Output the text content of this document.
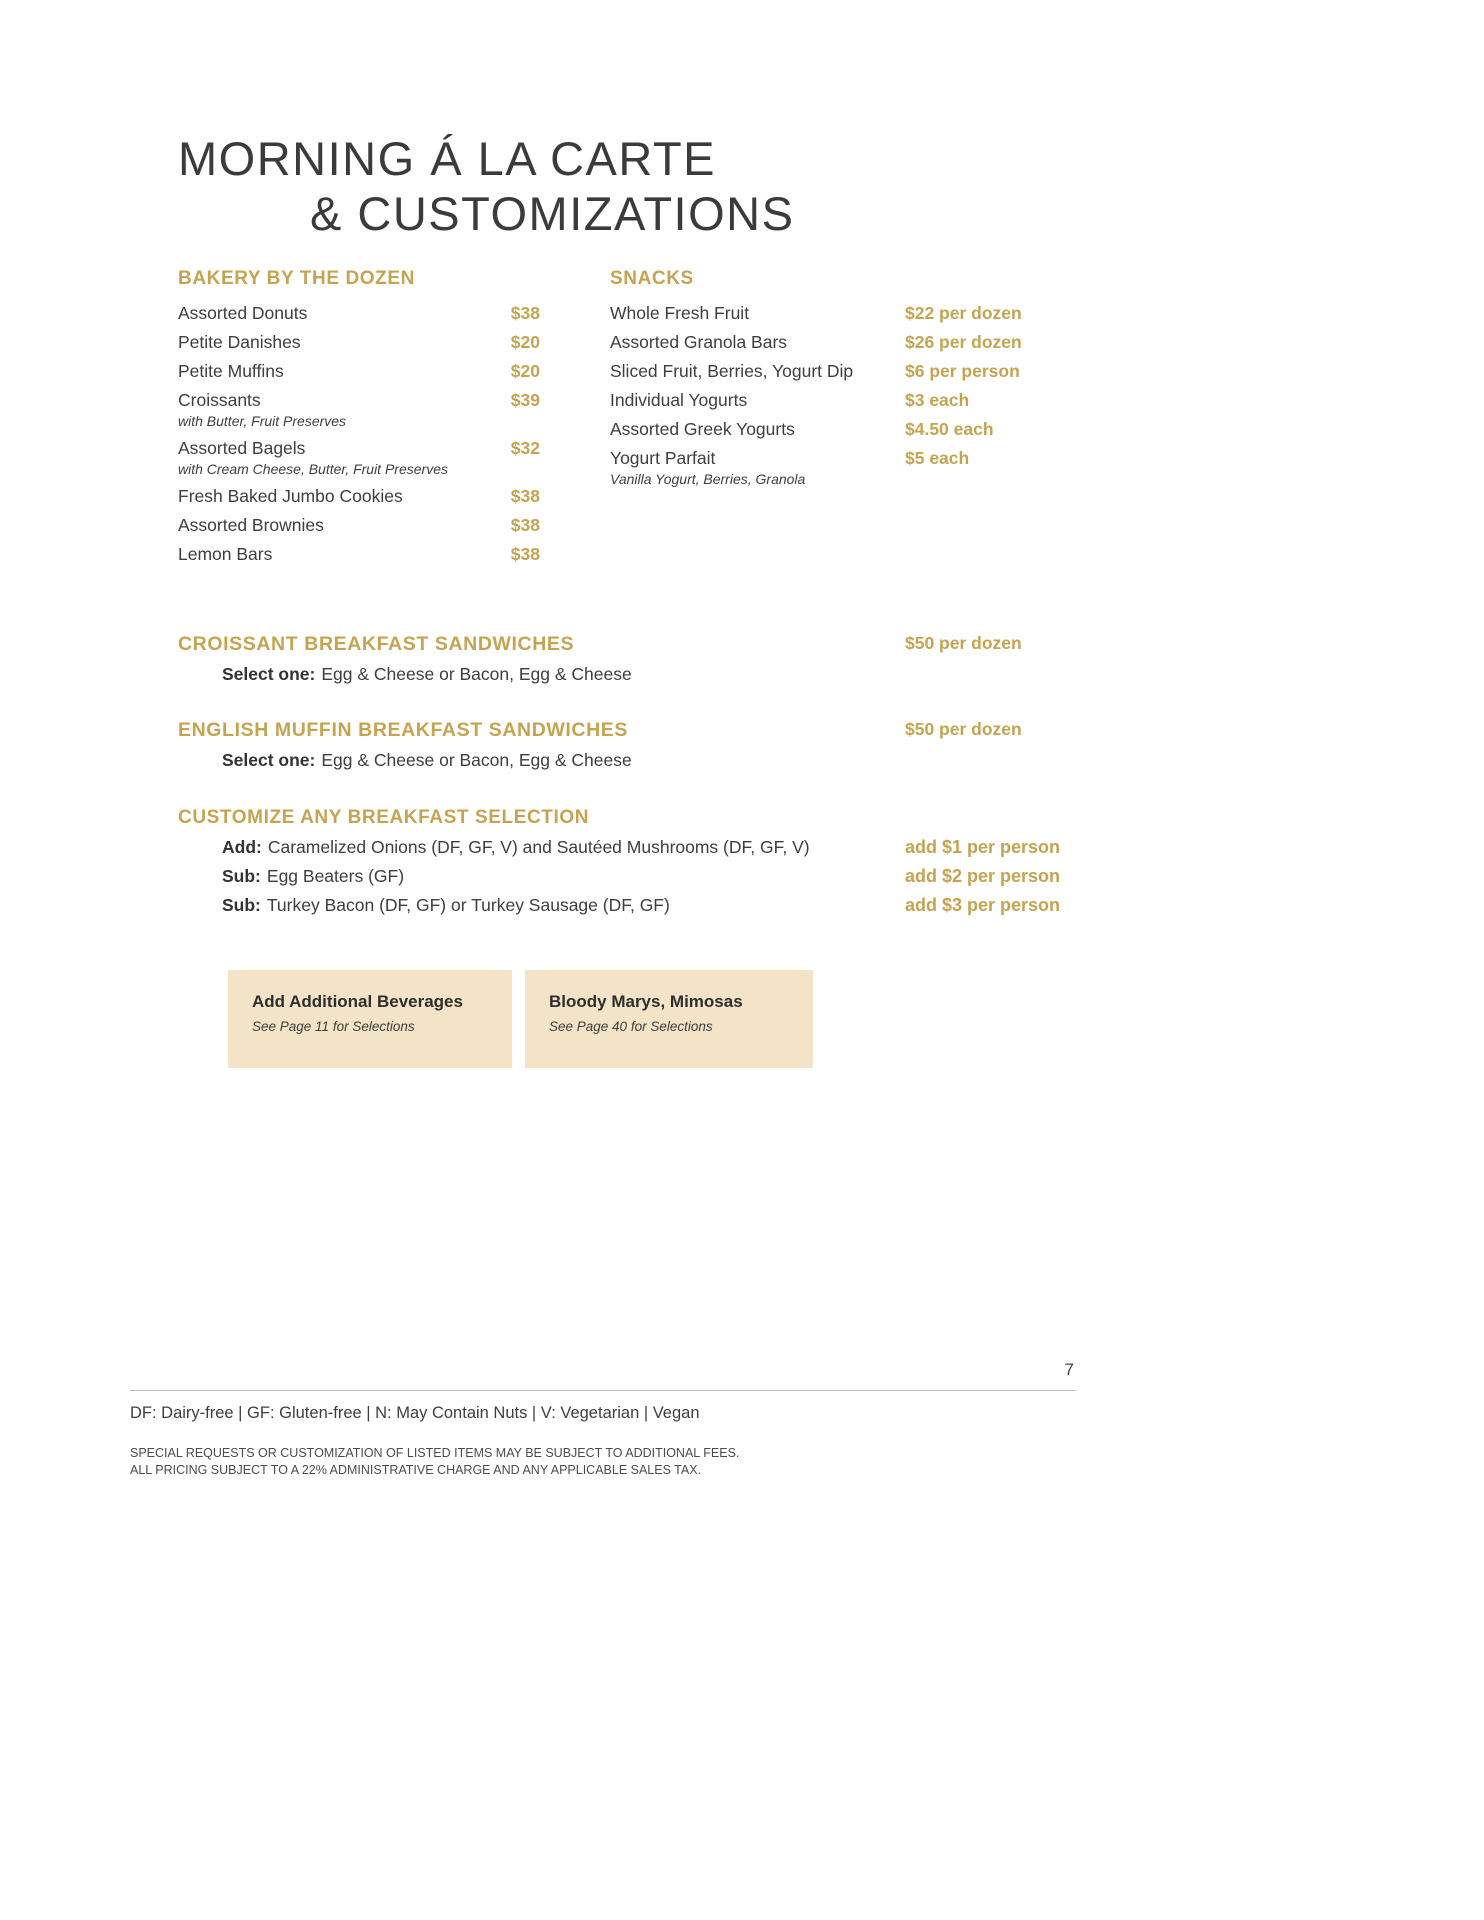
MORNING Á LA CARTE
& CUSTOMIZATIONS
BAKERY BY THE DOZEN
Assorted Donuts	$38
Petite Danishes	$20
Petite Muffins	$20
Croissants	$39
with Butter, Fruit Preserves
Assorted Bagels	$32
with Cream Cheese, Butter, Fruit Preserves
Fresh Baked Jumbo Cookies	$38
Assorted Brownies	$38
Lemon Bars	$38
SNACKS
Whole Fresh Fruit	$22 per dozen
Assorted Granola Bars	$26 per dozen
Sliced Fruit, Berries, Yogurt Dip	$6 per person
Individual Yogurts	$3 each
Assorted Greek Yogurts	$4.50 each
Yogurt Parfait	$5 each
Vanilla Yogurt, Berries, Granola
CROISSANT BREAKFAST SANDWICHES	$50 per dozen
Select one: Egg & Cheese or Bacon, Egg & Cheese
ENGLISH MUFFIN BREAKFAST SANDWICHES	$50 per dozen
Select one: Egg & Cheese or Bacon, Egg & Cheese
CUSTOMIZE ANY BREAKFAST SELECTION
Add: Caramelized Onions (DF, GF, V) and Sautéed Mushrooms (DF, GF, V)	add $1 per person
Sub: Egg Beaters (GF)	add $2 per person
Sub: Turkey Bacon (DF, GF) or Turkey Sausage (DF, GF)	add $3 per person
Add Additional Beverages
See Page 11 for Selections
Bloody Marys, Mimosas
See Page 40 for Selections
7
DF: Dairy-free | GF: Gluten-free | N: May Contain Nuts | V: Vegetarian | Vegan
SPECIAL REQUESTS OR CUSTOMIZATION OF LISTED ITEMS MAY BE SUBJECT TO ADDITIONAL FEES.
ALL PRICING SUBJECT TO A 22% ADMINISTRATIVE CHARGE AND ANY APPLICABLE SALES TAX.
